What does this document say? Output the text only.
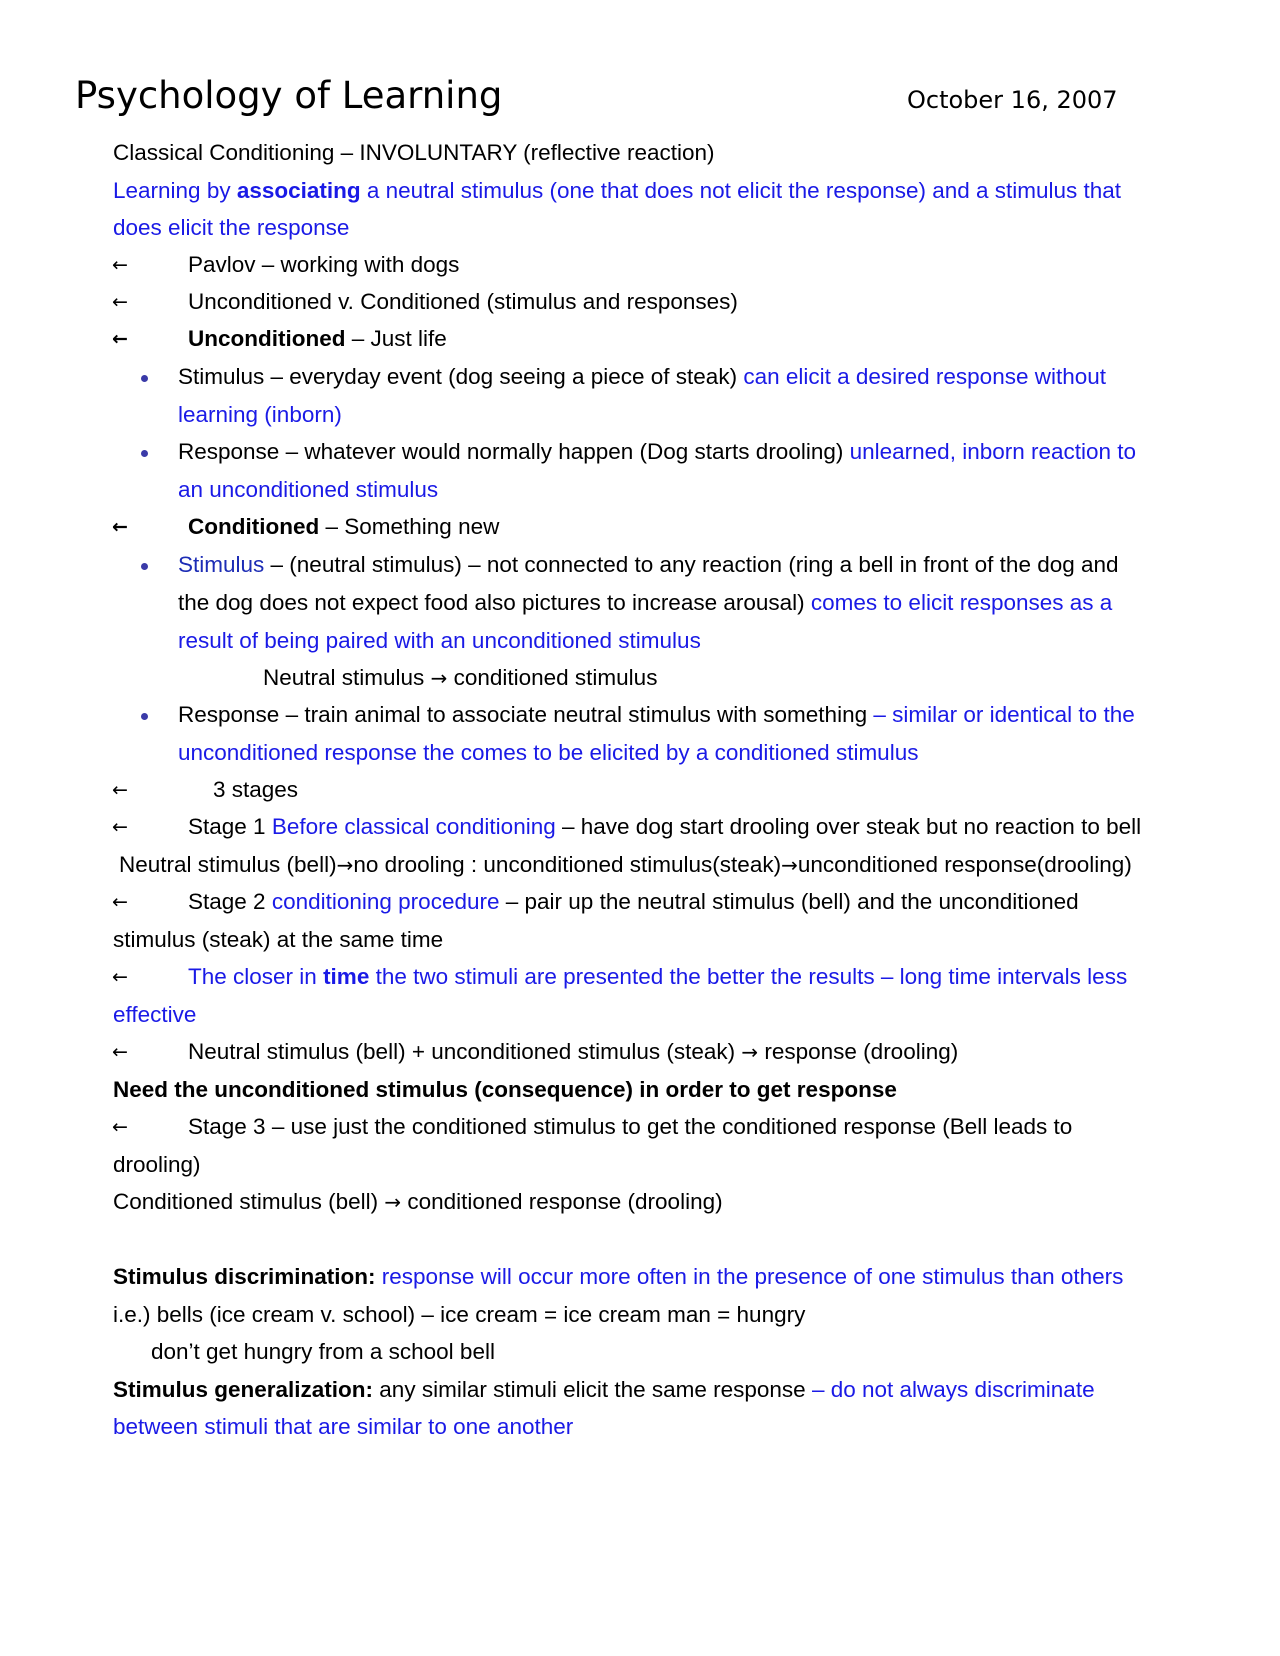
Psychology of Learning	October 16, 2007
Classical Conditioning – INVOLUNTARY (reflective reaction)
Learning by associating a neutral stimulus (one that does not elicit the response) and a stimulus that
does elicit the response
←	Pavlov – working with dogs
←	Unconditioned v. Conditioned (stimulus and responses)
←	Unconditioned – Just life
Stimulus – everyday event (dog seeing a piece of steak) can elicit a desired response without
learning (inborn)
Response – whatever would normally happen (Dog starts drooling) unlearned, inborn reaction to
an unconditioned stimulus
←	Conditioned – Something new
Stimulus – (neutral stimulus) – not connected to any reaction (ring a bell in front of the dog and
the dog does not expect food also pictures to increase arousal) comes to elicit responses as a
result of being paired with an unconditioned stimulus
Neutral stimulus → conditioned stimulus
Response – train animal to associate neutral stimulus with something – similar or identical to the
unconditioned response the comes to be elicited by a conditioned stimulus
←	3 stages
←	Stage 1 Before classical conditioning – have dog start drooling over steak but no reaction to bell
Neutral stimulus (bell)→no drooling : unconditioned stimulus(steak)→unconditioned response(drooling)
←	Stage 2 conditioning procedure – pair up the neutral stimulus (bell) and the unconditioned
stimulus (steak) at the same time
←	The closer in time the two stimuli are presented the better the results – long time intervals less
effective
←	Neutral stimulus (bell) + unconditioned stimulus (steak) → response (drooling)
Need the unconditioned stimulus (consequence) in order to get response
←	Stage 3 – use just the conditioned stimulus to get the conditioned response (Bell leads to
drooling)
Conditioned stimulus (bell) → conditioned response (drooling)
Stimulus discrimination: response will occur more often in the presence of one stimulus than others
i.e.) bells (ice cream v. school) – ice cream = ice cream man = hungry
don’t get hungry from a school bell
Stimulus generalization: any similar stimuli elicit the same response – do not always discriminate
between stimuli that are similar to one another
